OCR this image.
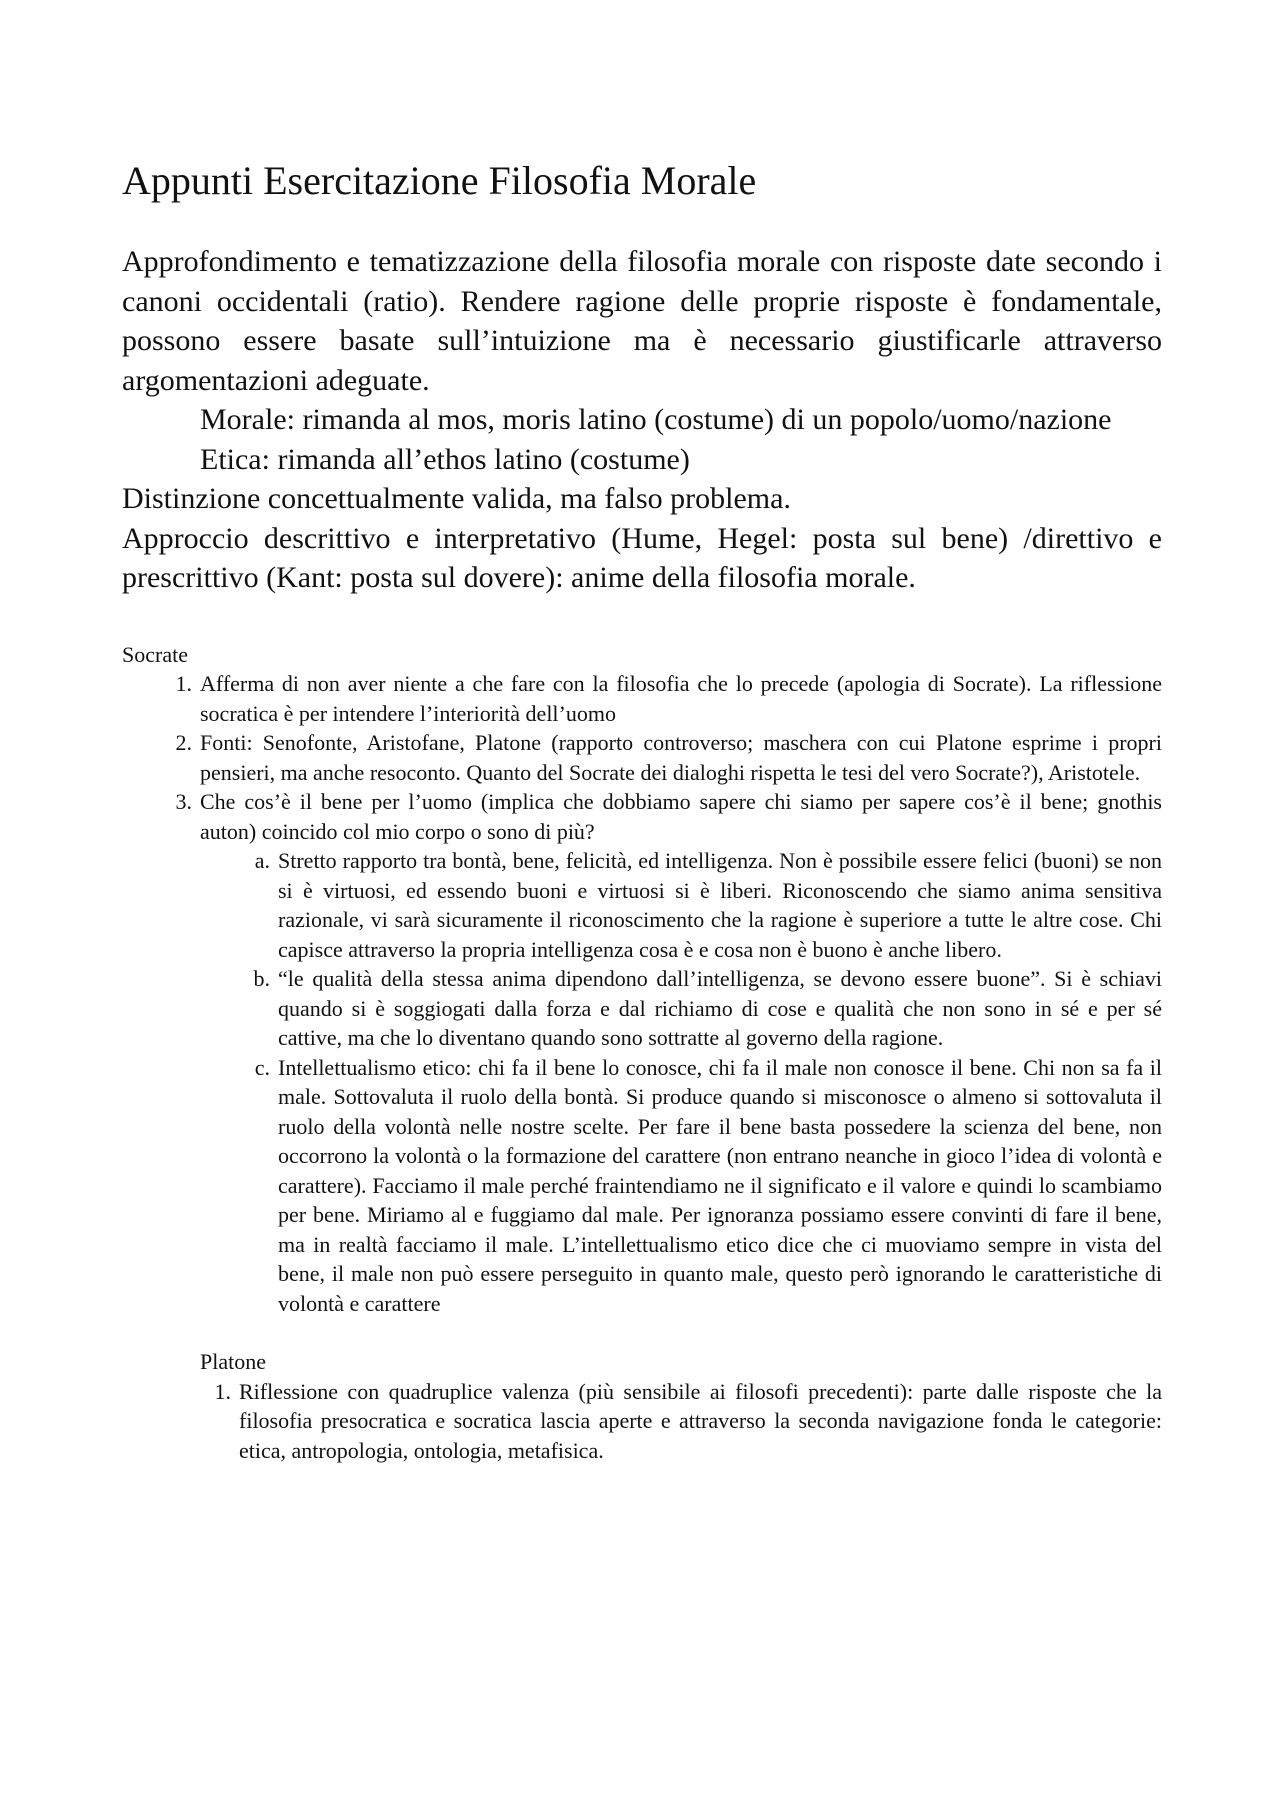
Appunti Esercitazione Filosofia Morale

Approfondimento e tematizzazione della filosofia morale con risposte date secondo i canoni occidentali (ratio). Rendere ragione delle proprie risposte è fondamentale, possono essere basate sull’intuizione ma è necessario giustificarle attraverso argomentazioni adeguate.

Morale: rimanda al mos, moris latino (costume) di un popolo/uomo/nazione

Etica: rimanda all’ethos latino (costume)

Distinzione concettualmente valida, ma falso problema.

Approccio descrittivo e interpretativo (Hume, Hegel: posta sul bene) /direttivo e prescrittivo (Kant: posta sul dovere): anime della filosofia morale.

Socrate
1. Afferma di non aver niente a che fare con la filosofia che lo precede (apologia di Socrate). La riflessione socratica è per intendere l’interiorità dell’uomo
2. Fonti: Senofonte, Aristofane, Platone (rapporto controverso; maschera con cui Platone esprime i propri pensieri, ma anche resoconto. Quanto del Socrate dei dialoghi rispetta le tesi del vero Socrate?), Aristotele.
3. Che cos’è il bene per l’uomo (implica che dobbiamo sapere chi siamo per sapere cos’è il bene; gnothis auton) coincido col mio corpo o sono di più?
a. Stretto rapporto tra bontà, bene, felicità, ed intelligenza. Non è possibile essere felici (buoni) se non si è virtuosi, ed essendo buoni e virtuosi si è liberi. Riconoscendo che siamo anima sensitiva razionale, vi sarà sicuramente il riconoscimento che la ragione è superiore a tutte le altre cose. Chi capisce attraverso la propria intelligenza cosa è e cosa non è buono è anche libero.
b. “le qualità della stessa anima dipendono dall’intelligenza, se devono essere buone”. Si è schiavi quando si è soggiogati dalla forza e dal richiamo di cose e qualità che non sono in sé e per sé cattive, ma che lo diventano quando sono sottratte al governo della ragione.
c. Intellettualismo etico: chi fa il bene lo conosce, chi fa il male non conosce il bene. Chi non sa fa il male. Sottovaluta il ruolo della bontà. Si produce quando si misconosce o almeno si sottovaluta il ruolo della volontà nelle nostre scelte. Per fare il bene basta possedere la scienza del bene, non occorrono la volontà o la formazione del carattere (non entrano neanche in gioco l’idea di volontà e carattere). Facciamo il male perché fraintendiamo ne il significato e il valore e quindi lo scambiamo per bene. Miriamo al e fuggiamo dal male. Per ignoranza possiamo essere convinti di fare il bene, ma in realtà facciamo il male. L’intellettualismo etico dice che ci muoviamo sempre in vista del bene, il male non può essere perseguito in quanto male, questo però ignorando le caratteristiche di volontà e carattere
Platone
1. Riflessione con quadruplice valenza (più sensibile ai filosofi precedenti): parte dalle risposte che la filosofia presocratica e socratica lascia aperte e attraverso la seconda navigazione fonda le categorie: etica, antropologia, ontologia, metafisica.
